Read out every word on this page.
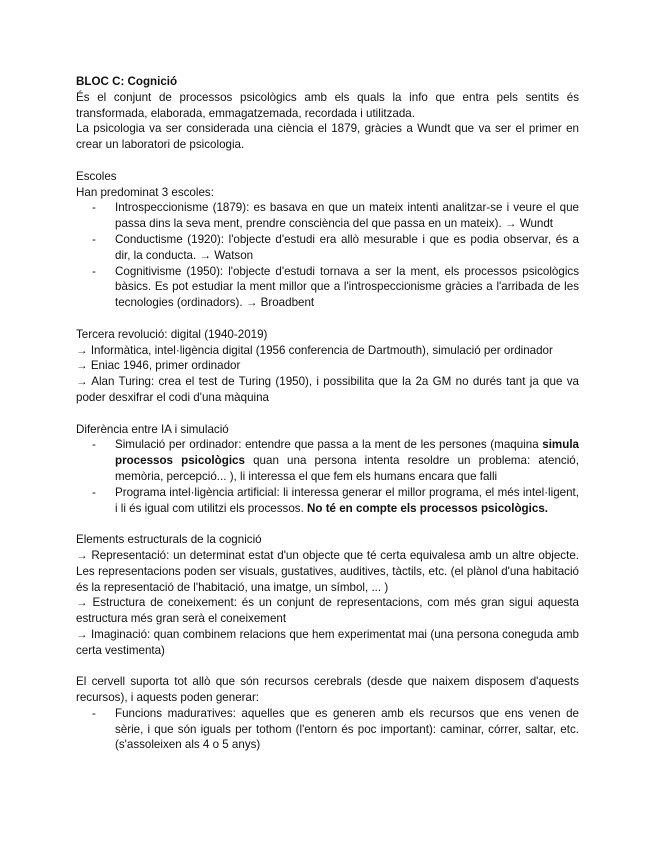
BLOC C: Cognició

És el conjunt de processos psicològics amb els quals la info que entra pels sentits és transformada, elaborada, emmagatzemada, recordada i utilitzada.

La psicologia va ser considerada una ciència el 1879, gràcies a Wundt que va ser el primer en crear un laboratori de psicologia.

Escoles

Han predominat 3 escoles:

- Introspeccionisme (1879): es basava en que un mateix intenti analitzar-se i veure el que passa dins la seva ment, prendre consciència del que passa en un mateix). → Wundt
- Conductisme (1920): l'objecte d'estudi era allò mesurable i que es podia observar, és a dir, la conducta. → Watson
- Cognitivisme (1950): l'objecte d'estudi tornava a ser la ment, els processos psicològics bàsics. Es pot estudiar la ment millor que a l'introspeccionisme gràcies a l'arribada de les tecnologies (ordinadors). → Broadbent

Tercera revolució: digital (1940-2019)

→ Informàtica, intel·ligència digital (1956 conferencia de Dartmouth), simulació per ordinador

→ Eniac 1946, primer ordinador

→ Alan Turing: crea el test de Turing (1950), i possibilita que la 2a GM no durés tant ja que va poder desxifrar el codi d'una màquina

Diferència entre IA i simulació

- Simulació per ordinador: entendre que passa a la ment de les persones (maquina simula processos psicològics quan una persona intenta resoldre un problema: atenció, memòria, percepció... ), li interessa el que fem els humans encara que falli
- Programa intel·ligència artificial: li interessa generar el millor programa, el més intel·ligent, i li és igual com utilitzi els processos. No té en compte els processos psicològics.

Elements estructurals de la cognició

→ Representació: un determinat estat d'un objecte que té certa equivalesa amb un altre objecte. Les representacions poden ser visuals, gustatives, auditives, tàctils, etc. (el plànol d'una habitació és la representació de l'habitació, una imatge, un símbol, ... )

→ Estructura de coneixement: és un conjunt de representacions, com més gran sigui aquesta estructura més gran serà el coneixement

→ Imaginació: quan combinem relacions que hem experimentat mai (una persona coneguda amb certa vestimenta)

El cervell suporta tot allò que són recursos cerebrals (desde que naixem disposem d'aquests recursos), i aquests poden generar:

- Funcions madurатives: aquelles que es generen amb els recursos que ens venen de sèrie, i que són iguals per tothom (l'entorn és poc important): caminar, córrer, saltar, etc. (s'assoleixen als 4 o 5 anys)
